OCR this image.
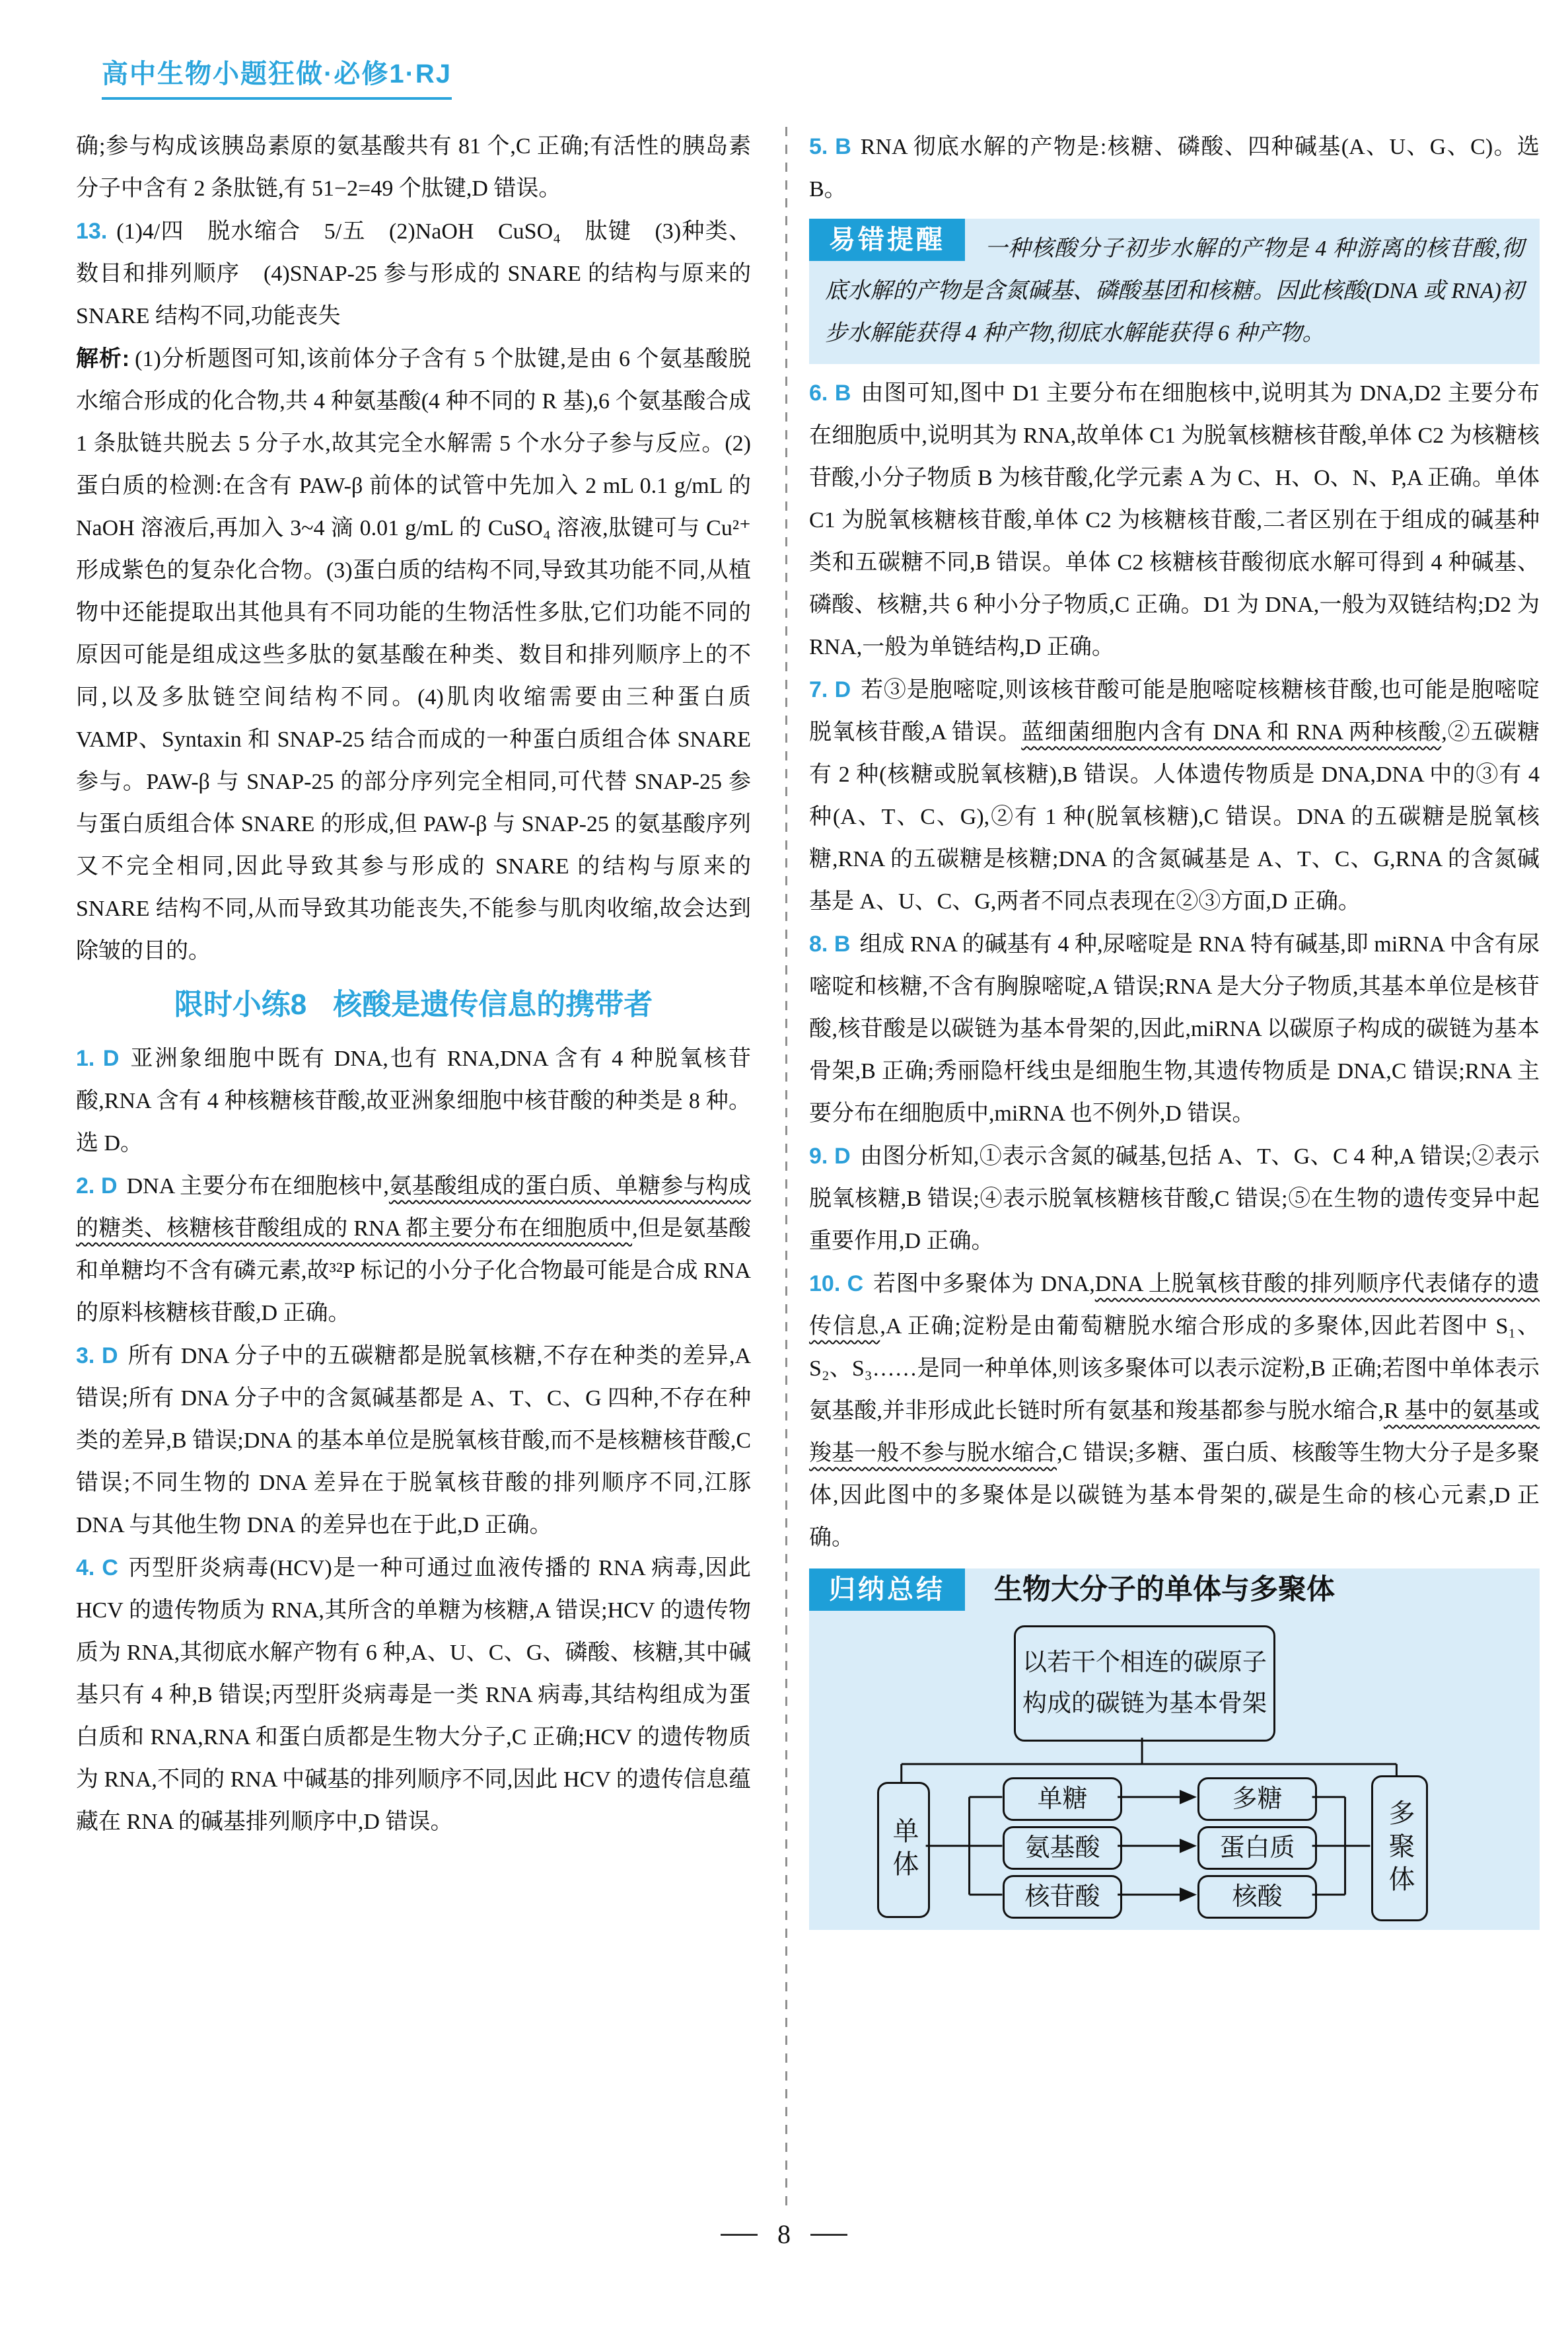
高中生物小题狂做·必修1·RJ
确;参与构成该胰岛素原的氨基酸共有 81 个,C 正确;有活性的胰岛素分子中含有 2 条肽链,有 51−2=49 个肽键,D 错误。
13. (1)4/四　脱水缩合　5/五　(2)NaOH　CuSO₄　肽键　(3)种类、数目和排列顺序　(4)SNAP-25 参与形成的 SNARE 的结构与原来的 SNARE 结构不同,功能丧失
解析: (1)分析题图可知,该前体分子含有 5 个肽键,是由 6 个氨基酸脱水缩合形成的化合物,共 4 种氨基酸(4 种不同的 R 基),6 个氨基酸合成 1 条肽链共脱去 5 分子水,故其完全水解需 5 个水分子参与反应。(2)蛋白质的检测:在含有 PAW-β 前体的试管中先加入 2 mL 0.1 g/mL 的 NaOH 溶液后,再加入 3~4 滴 0.01 g/mL 的 CuSO₄ 溶液,肽键可与 Cu²⁺形成紫色的复杂化合物。(3)蛋白质的结构不同,导致其功能不同,从植物中还能提取出其他具有不同功能的生物活性多肽,它们功能不同的原因可能是组成这些多肽的氨基酸在种类、数目和排列顺序上的不同,以及多肽链空间结构不同。(4)肌肉收缩需要由三种蛋白质 VAMP、Syntaxin 和 SNAP-25 结合而成的一种蛋白质组合体 SNARE 参与。PAW-β 与 SNAP-25 的部分序列完全相同,可代替 SNAP-25 参与蛋白质组合体 SNARE 的形成,但 PAW-β 与 SNAP-25 的氨基酸序列又不完全相同,因此导致其参与形成的 SNARE 的结构与原来的 SNARE 结构不同,从而导致其功能丧失,不能参与肌肉收缩,故会达到除皱的目的。
限时小练8 核酸是遗传信息的携带者
1. D 亚洲象细胞中既有 DNA,也有 RNA,DNA 含有 4 种脱氧核苷酸,RNA 含有 4 种核糖核苷酸,故亚洲象细胞中核苷酸的种类是 8 种。选 D。
2. D DNA 主要分布在细胞核中,氨基酸组成的蛋白质、单糖参与构成的糖类、核糖核苷酸组成的 RNA 都主要分布在细胞质中,但是氨基酸和单糖均不含有磷元素,故³²P 标记的小分子化合物最可能是合成 RNA 的原料核糖核苷酸,D 正确。
3. D 所有 DNA 分子中的五碳糖都是脱氧核糖,不存在种类的差异,A 错误;所有 DNA 分子中的含氮碱基都是 A、T、C、G 四种,不存在种类的差异,B 错误;DNA 的基本单位是脱氧核苷酸,而不是核糖核苷酸,C 错误;不同生物的 DNA 差异在于脱氧核苷酸的排列顺序不同,江豚 DNA 与其他生物 DNA 的差异也在于此,D 正确。
4. C 丙型肝炎病毒(HCV)是一种可通过血液传播的 RNA 病毒,因此 HCV 的遗传物质为 RNA,其所含的单糖为核糖,A 错误;HCV 的遗传物质为 RNA,其彻底水解产物有 6 种,A、U、C、G、磷酸、核糖,其中碱基只有 4 种,B 错误;丙型肝炎病毒是一类 RNA 病毒,其结构组成为蛋白质和 RNA,RNA 和蛋白质都是生物大分子,C 正确;HCV 的遗传物质为 RNA,不同的 RNA 中碱基的排列顺序不同,因此 HCV 的遗传信息蕴藏在 RNA 的碱基排列顺序中,D 错误。
5. B RNA 彻底水解的产物是:核糖、磷酸、四种碱基(A、U、G、C)。选 B。
易错提醒	一种核酸分子初步水解的产物是 4 种游离的核苷酸,彻底水解的产物是含氮碱基、磷酸基团和核糖。因此核酸(DNA 或 RNA)初步水解能获得 4 种产物,彻底水解能获得 6 种产物。
6. B 由图可知,图中 D1 主要分布在细胞核中,说明其为 DNA,D2 主要分布在细胞质中,说明其为 RNA,故单体 C1 为脱氧核糖核苷酸,单体 C2 为核糖核苷酸,小分子物质 B 为核苷酸,化学元素 A 为 C、H、O、N、P,A 正确。单体 C1 为脱氧核糖核苷酸,单体 C2 为核糖核苷酸,二者区别在于组成的碱基种类和五碳糖不同,B 错误。单体 C2 核糖核苷酸彻底水解可得到 4 种碱基、磷酸、核糖,共 6 种小分子物质,C 正确。D1 为 DNA,一般为双链结构;D2 为 RNA,一般为单链结构,D 正确。
7. D 若③是胞嘧啶,则该核苷酸可能是胞嘧啶核糖核苷酸,也可能是胞嘧啶脱氧核苷酸,A 错误。蓝细菌细胞内含有 DNA 和 RNA 两种核酸,②五碳糖有 2 种(核糖或脱氧核糖),B 错误。人体遗传物质是 DNA,DNA 中的③有 4 种(A、T、C、G),②有 1 种(脱氧核糖),C 错误。DNA 的五碳糖是脱氧核糖,RNA 的五碳糖是核糖;DNA 的含氮碱基是 A、T、C、G,RNA 的含氮碱基是 A、U、C、G,两者不同点表现在②③方面,D 正确。
8. B 组成 RNA 的碱基有 4 种,尿嘧啶是 RNA 特有碱基,即 miRNA 中含有尿嘧啶和核糖,不含有胸腺嘧啶,A 错误;RNA 是大分子物质,其基本单位是核苷酸,核苷酸是以碳链为基本骨架的,因此,miRNA 以碳原子构成的碳链为基本骨架,B 正确;秀丽隐杆线虫是细胞生物,其遗传物质是 DNA,C 错误;RNA 主要分布在细胞质中,miRNA 也不例外,D 错误。
9. D 由图分析知,①表示含氮的碱基,包括 A、T、G、C 4 种,A 错误;②表示脱氧核糖,B 错误;④表示脱氧核糖核苷酸,C 错误;⑤在生物的遗传变异中起重要作用,D 正确。
10. C 若图中多聚体为 DNA,DNA 上脱氧核苷酸的排列顺序代表储存的遗传信息,A 正确;淀粉是由葡萄糖脱水缩合形成的多聚体,因此若图中 S₁、S₂、S₃……是同一种单体,则该多聚体可以表示淀粉,B 正确;若图中单体表示氨基酸,并非形成此长链时所有氨基和羧基都参与脱水缩合,R 基中的氨基或羧基一般不参与脱水缩合,C 错误;多糖、蛋白质、核酸等生物大分子是多聚体,因此图中的多聚体是以碳链为基本骨架的,碳是生命的核心元素,D 正确。
归纳总结	生物大分子的单体与多聚体
以若干个相连的碳原子
构成的碳链为基本骨架
单体	多聚体
单糖
氨基酸
核苷酸
多糖
蛋白质
核酸
8
